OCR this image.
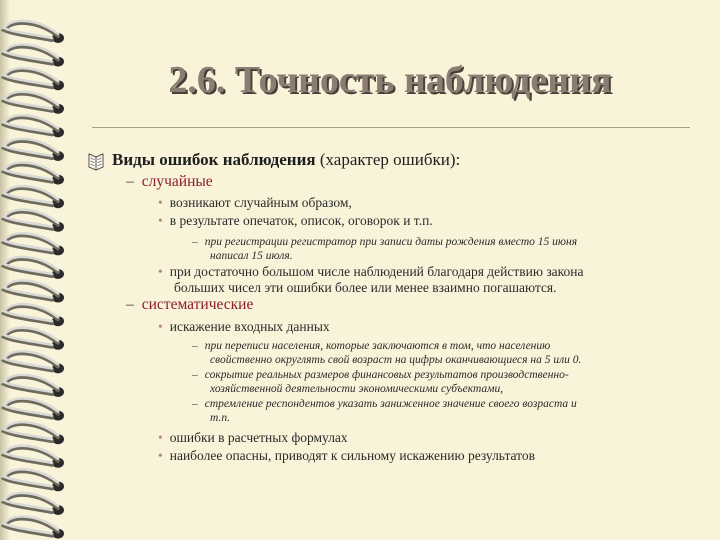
2.6. Точность наблюдения
Виды ошибок наблюдения (характер ошибки):
– случайные
• возникают случайным образом,
• в результате опечаток, описок, оговорок и т.п.
– при регистрации регистратор при записи даты рождения вместо 15 июня
написал 15 июля.
• при достаточно большом числе наблюдений благодаря действию закона
больших чисел эти ошибки более или менее взаимно погашаются.
– систематические
• искажение входных данных
– при переписи населения, которые заключаются в том, что населению
свойственно округлять свой возраст на цифры оканчивающиеся на 5 или 0.
– сокрытие реальных размеров финансовых результатов производственно-
хозяйственной деятельности экономическими субъектами,
– стремление респондентов указать заниженное значение своего возраста и
т.п.
• ошибки в расчетных формулах
• наиболее опасны, приводят к сильному искажению результатов
